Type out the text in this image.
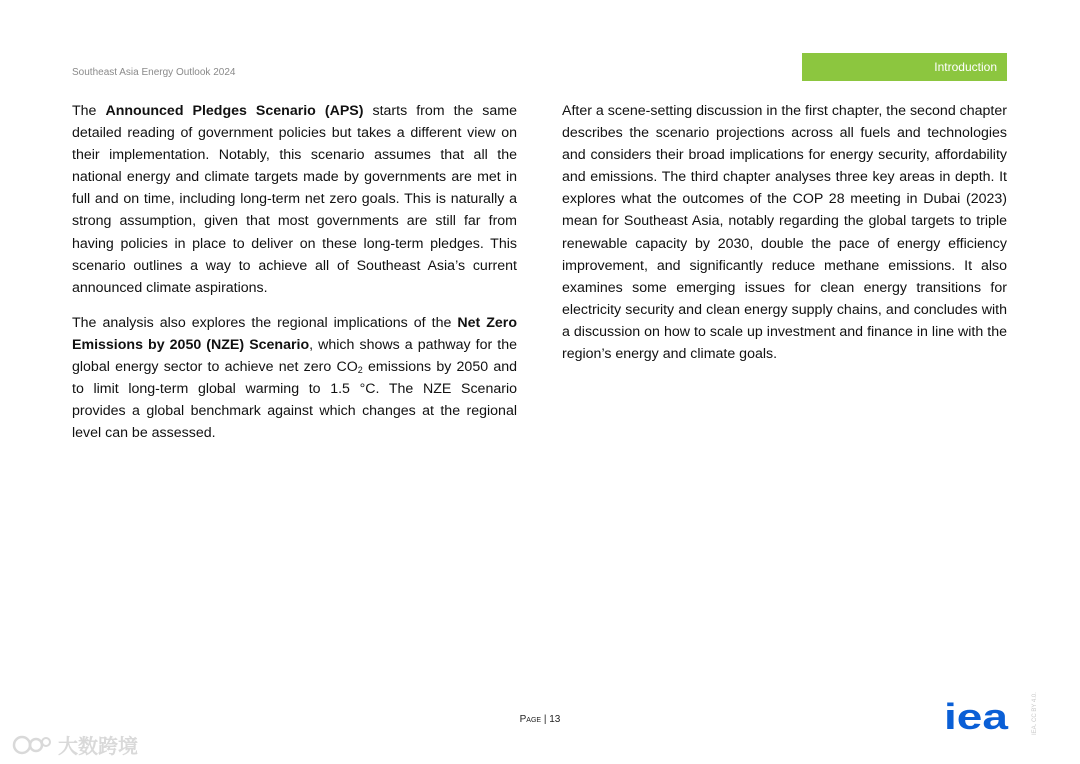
Southeast Asia Energy Outlook 2024	Introduction

The Announced Pledges Scenario (APS) starts from the same detailed reading of government policies but takes a different view on their implementation. Notably, this scenario assumes that all the national energy and climate targets made by governments are met in full and on time, including long-term net zero goals. This is naturally a strong assumption, given that most governments are still far from having policies in place to deliver on these long-term pledges. This scenario outlines a way to achieve all of Southeast Asia’s current announced climate aspirations.

The analysis also explores the regional implications of the Net Zero Emissions by 2050 (NZE) Scenario, which shows a pathway for the global energy sector to achieve net zero $CO_2$ emissions by 2050 and to limit long-term global warming to 1.5 °C. The NZE Scenario provides a global benchmark against which changes at the regional level can be assessed.

After a scene-setting discussion in the first chapter, the second chapter describes the scenario projections across all fuels and technologies and considers their broad implications for energy security, affordability and emissions. The third chapter analyses three key areas in depth. It explores what the outcomes of the COP 28 meeting in Dubai (2023) mean for Southeast Asia, notably regarding the global targets to triple renewable capacity by 2030, double the pace of energy efficiency improvement, and significantly reduce methane emissions. It also examines some emerging issues for clean energy transitions for electricity security and clean energy supply chains, and concludes with a discussion on how to scale up investment and finance in line with the region’s energy and climate goals.

Page | 13	iea	IEA. CC BY 4.0.
大数跨境
